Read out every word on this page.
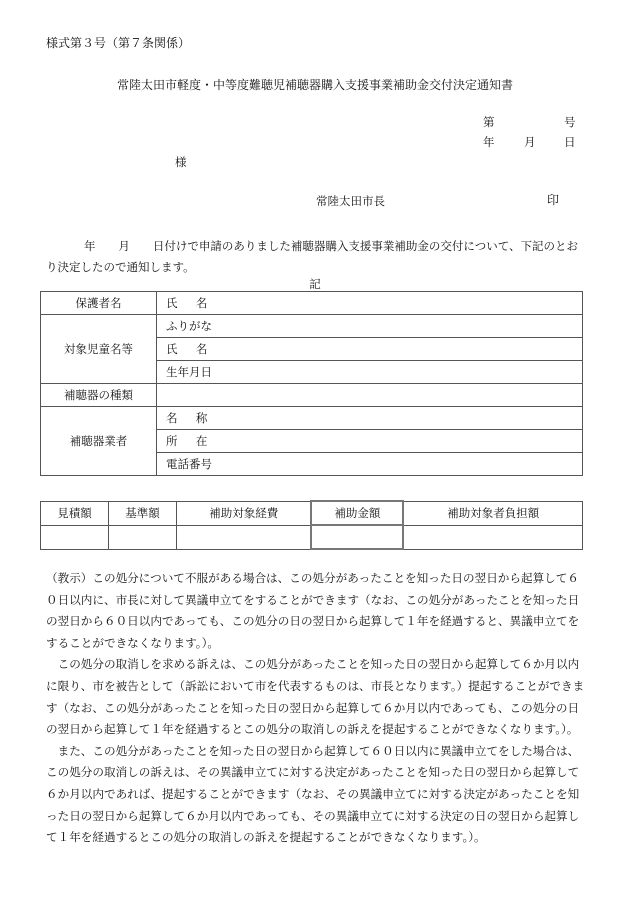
様式第３号（第７条関係）
常陸太田市軽度・中等度難聴児補聴器購入支援事業補助金交付決定通知書
第	号
年	月 日
様
常陸太田市長	印
年　　月　　日付けで申請のありました補聴器購入支援事業補助金の交付について、下記のとおり決定したので通知します。
記
保護者名	氏名
対象児童名等	ふりがな
	氏名
	生年月日
補聴器の種類	
補聴器業者	名称
	所在
	電話番号
見積額	基準額	補助対象経費	補助金額	補助対象者負担額

（教示）この処分について不服がある場合は、この処分があったことを知った日の翌日から起算して６０日以内に、市長に対して異議申立てをすることができます（なお、この処分があったことを知った日の翌日から６０日以内であっても、この処分の日の翌日から起算して１年を経過すると、異議申立てをすることができなくなります。）。

この処分の取消しを求める訴えは、この処分があったことを知った日の翌日から起算して６か月以内に限り、市を被告として（訴訟において市を代表するものは、市長となります。）提起することができます（なお、この処分があったことを知った日の翌日から起算して６か月以内であっても、この処分の日の翌日から起算して１年を経過するとこの処分の取消しの訴えを提起することができなくなります。）。

また、この処分があったことを知った日の翌日から起算して６０日以内に異議申立てをした場合は、この処分の取消しの訴えは、その異議申立てに対する決定があったことを知った日の翌日から起算して６か月以内であれば、提起することができます（なお、その異議申立てに対する決定があったことを知った日の翌日から起算して６か月以内であっても、その異議申立てに対する決定の日の翌日から起算して１年を経過するとこの処分の取消しの訴えを提起することができなくなります。）。
